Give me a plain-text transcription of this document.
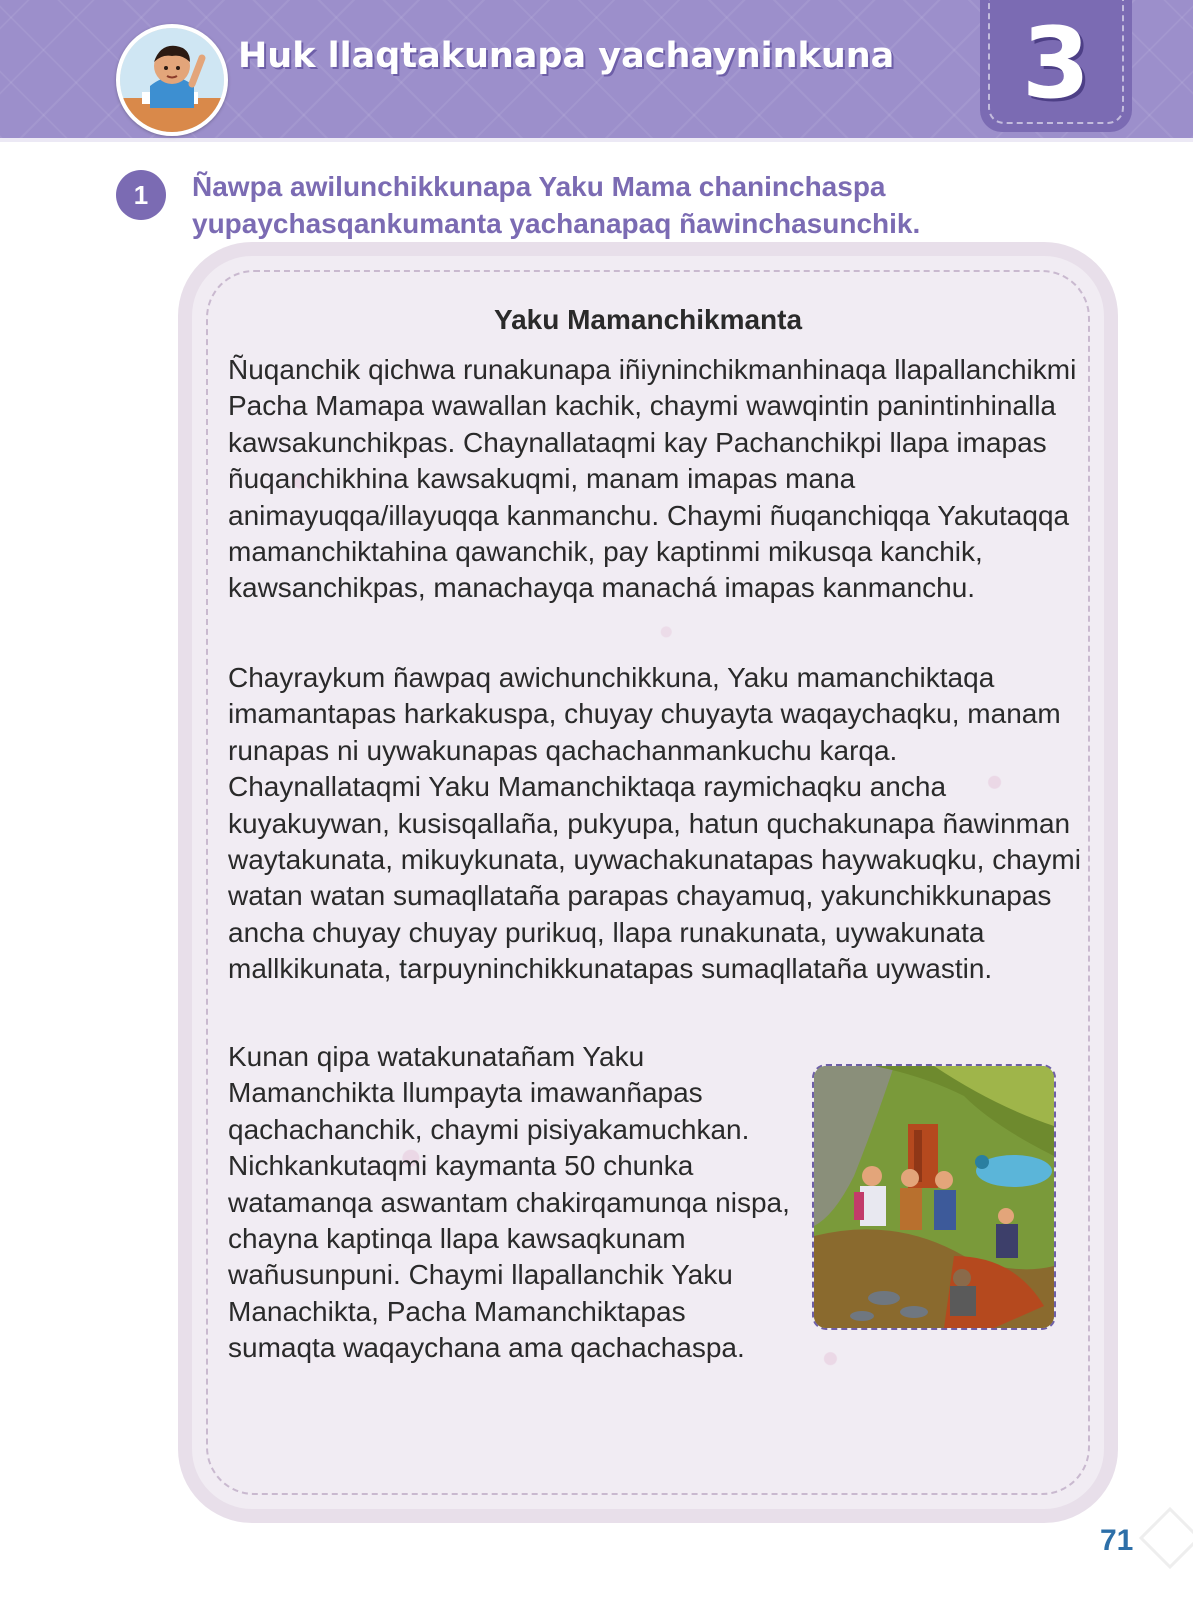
Huk llaqtakunapa yachayninkuna	3
1	Ñawpa awilunchikkunapa Yaku Mama chaninchaspa yupaychasqankumanta yachanapaq ñawinchasunchik.

Yaku Mamanchikmanta

Ñuqanchik qichwa runakunapa iñiyninchikmanhinaqa llapallanchikmi Pacha Mamapa wawallan kachik, chaymi wawqintin panintinhinalla kawsakunchikpas. Chaynallataqmi kay Pachanchikpi llapa imapas ñuqanchikhina kawsakuqmi, manam imapas mana animayuqqa/illayuqqa kanmanchu. Chaymi ñuqanchiqqa Yakutaqqa mamanchiktahina qawanchik, pay kaptinmi mikusqa kanchik, kawsanchikpas, manachayqa manachá imapas kanmanchu.

Chayraykum ñawpaq awichunchikkuna, Yaku mamanchiktaqa imamantapas harkakuspa, chuyay chuyayta waqaychaqku, manam runapas ni uywakunapas qachachanmankuchu karqa. Chaynallataqmi Yaku Mamanchiktaqa raymichaqku ancha kuyakuywan, kusisqallaña, pukyupa, hatun quchakunapa ñawinman waytakunata, mikuykunata, uywachakunatapas haywakuqku, chaymi watan watan sumaqllataña parapas chayamuq, yakunchikkunapas ancha chuyay chuyay purikuq, llapa runakunata, uywakunata mallkikunata, tarpuyninchikkunatapas sumaqllataña uywastin.

Kunan qipa watakunatañam Yaku Mamanchikta llumpayta imawanñapas qachachanchik, chaymi pisiyakamuchkan. Nichkankutaqmi kaymanta 50 chunka watamanqa aswantam chakirqamunqa nispa, chayna kaptinqa llapa kawsaqkunam wañusunpuni. Chaymi llapallanchik Yaku Manachikta, Pacha Mamanchiktapas sumaqta waqaychana ama qachachaspa.

71
